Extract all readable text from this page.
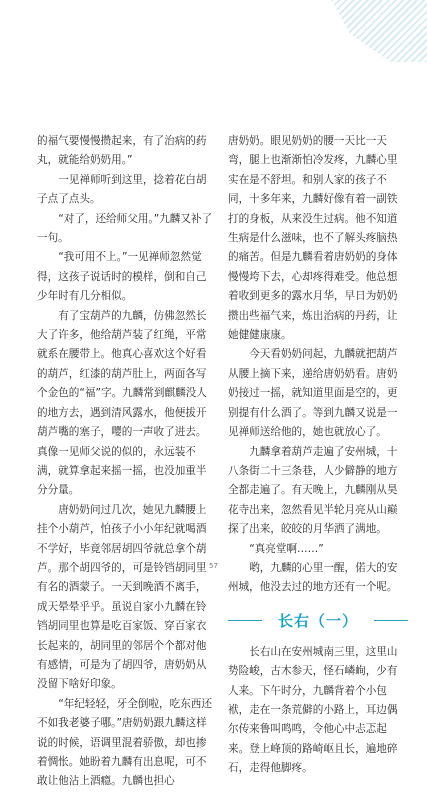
的福气要慢慢攒起来，有了治病的药丸，就能给奶奶用。”

一见禅师听到这里，捻着花白胡子点了点头。

“对了，还给师父用。”九麟又补了一句。

“我可用不上。”一见禅师忽然觉得，这孩子说话时的模样，倒和自己少年时有几分相似。

有了宝葫芦的九麟，仿佛忽然长大了许多，他给葫芦装了红绳，平常就系在腰带上。他真心喜欢这个好看的葫芦，红漆的葫芦肚上，两面各写个金色的“福”字。九麟常到麒麟没人的地方去，遇到清风露水，他便拔开葫芦嘴的塞子，嘤的一声收了进去。真像一见师父说的似的，永远装不满，就算拿起来摇一摇，也没加重半分分量。

唐奶奶问过几次，她见九麟腰上挂个小葫芦，怕孩子小小年纪就喝酒不学好，毕竟邻居胡四爷就总拿个葫芦。那个胡四爷的，可是铃铛胡同里有名的酒蒙子。一天到晚酒不离手，成天晕晕乎乎。虽说自家小九麟在铃铛胡同里也算是吃百家饭、穿百家衣长起来的，胡同里的邻居个个都对他有感情，可是为了胡四爷，唐奶奶从没留下啥好印象。

“年纪轻轻，牙全倒啦，吃东西还不如我老婆子哪。”唐奶奶跟九麟这样说的时候，语调里混着骄傲，却也掺着惆怅。她盼着九麟有出息呢，可不敢让他沾上酒瘾。九麟也担心

唐奶奶。眼见奶奶的腰一天比一天弯，腿上也渐渐怕冷发疼，九麟心里实在是不舒坦。和别人家的孩子不同，十多年来，九麟好像有着一副铁打的身板，从来没生过病。他不知道生病是什么滋味，也不了解头疼脑热的痛苦。但是九麟看着唐奶奶的身体慢慢垮下去，心却疼得难受。他总想着收到更多的露水月华，早日为奶奶攒出些福气来，炼出治病的丹药，让她健健康康。

今天看奶奶问起，九麟就把葫芦从腰上摘下来，递给唐奶奶看。唐奶奶接过一摇，就知道里面是空的，更别提有什么酒了。等到九麟又说是一见禅师送给他的，她也就放心了。

九麟拿着葫芦走遍了安州城，十八条街二十三条巷，人少僻静的地方全都走遍了。有天晚上，九麟刚从昊花寺出来，忽然看见半轮月亮从山巅探了出来，皎皎的月华洒了满地。

“真亮堂啊……”

哟，九麟的心里一醒，偌大的安州城，他没去过的地方还有一个呢。

长右（一）

长右山在安州城南三里，这里山势险峻，古木参天，怪石嶙峋，少有人来。下午时分，九麟背着个小包袱，走在一条荒僻的小路上，耳边偶尔传来鲁叫鸣鸣，令他心中忐忑起来。登上峰顶的路崎岖且长，遍地碎石，走得他脚疼。

57
